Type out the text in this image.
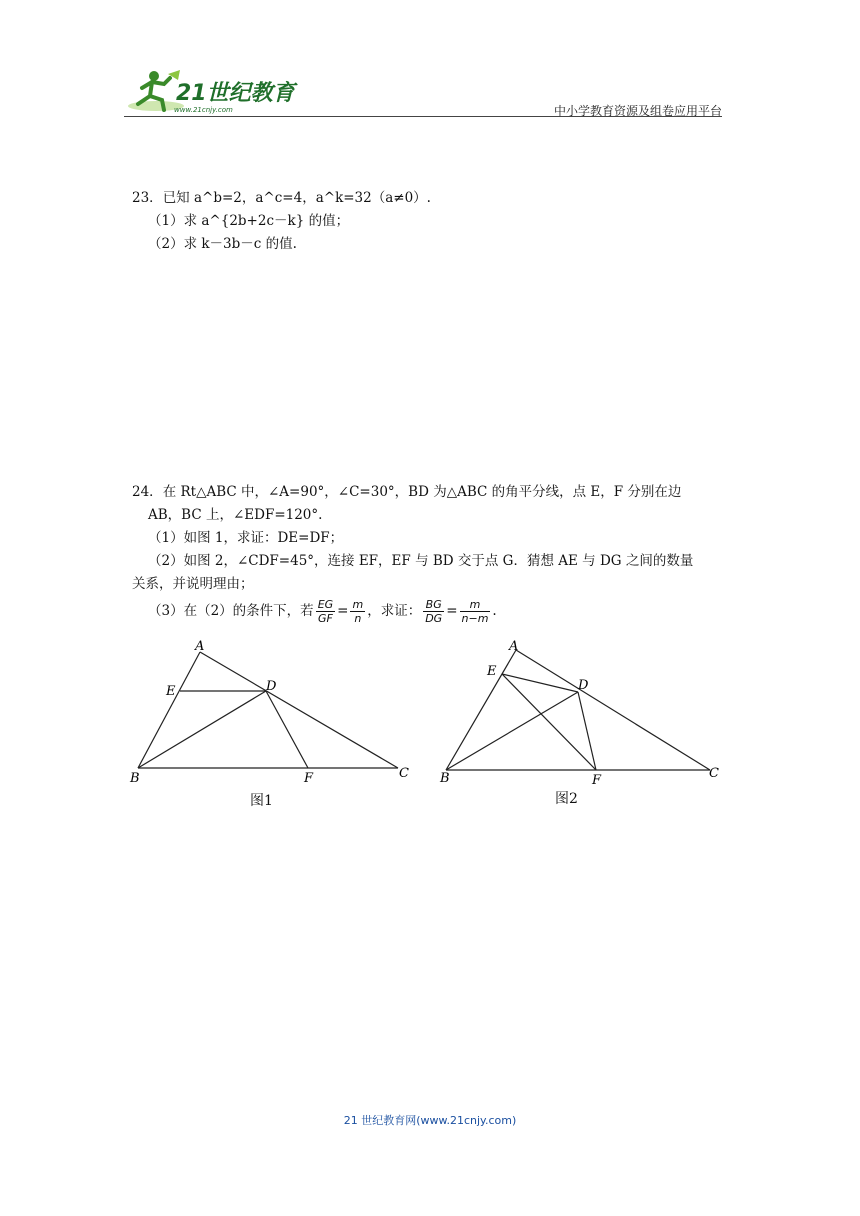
21世纪教育
www.21cnjy.com	中小学教育资源及组卷应用平台
23．已知 a^b=2，a^c=4，a^k=32（a≠0）.
（1）求 a^{2b+2c－k} 的值；
（2）求 k－3b－c 的值.
24．在 Rt△ABC 中，∠A=90°，∠C=30°，BD 为△ABC 的角平分线，点 E，F 分别在边
AB，BC 上，∠EDF=120°.
（1）如图 1，求证：DE=DF；
（2）如图 2，∠CDF=45°，连接 EF，EF 与 BD 交于点 G．猜想 AE 与 DG 之间的数量
关系，并说明理由；
（3）在（2）的条件下，若 $\frac{EG}{GF} = \frac{m}{n}$ ，求证： $\frac{BG}{DG} = \frac{m}{n-m}$ .
A
E	D
B	F	C
图1
A
E
D
B	F	C
图2
21 世纪教育网(www.21cnjy.com)
